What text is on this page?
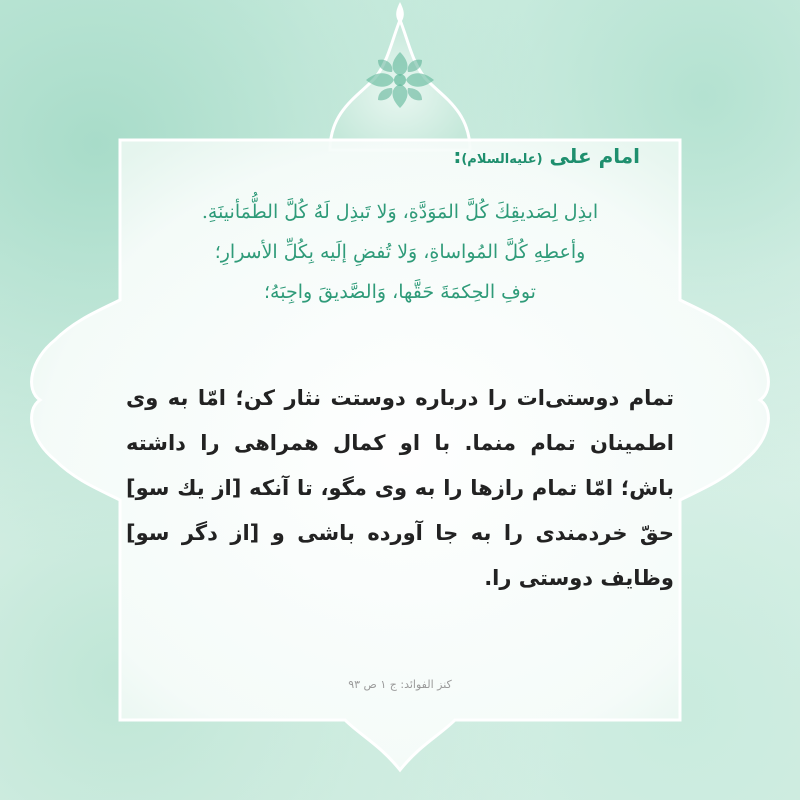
امام علی (علیه‌السلام):
ابذِل لِصَديقِكَ كُلَّ المَوَدَّةِ، وَلا تَبذِل لَهُ كُلَّ الطُّمَأنينَةِ.
وأعطِهِ كُلَّ المُواساةِ، وَلا تُفضِ إلَيه بِكُلِّ الأسرارِ؛
توفِ الحِكمَةَ حَقَّها، وَالصَّديقَ واجِبَهُ؛
تمام دوستی‌ات را درباره دوستت نثار کن؛ امّا به وی اطمینان تمام منما. با او کمال همراهی را داشته باش؛ امّا تمام رازها را به وی مگو، تا آنکه [از يك سو] حقّ خردمندی را به جا آورده باشی و [از دگر سو] وظايف دوستی را.
کنز الفوائد: ج ۱ ص ۹۳
